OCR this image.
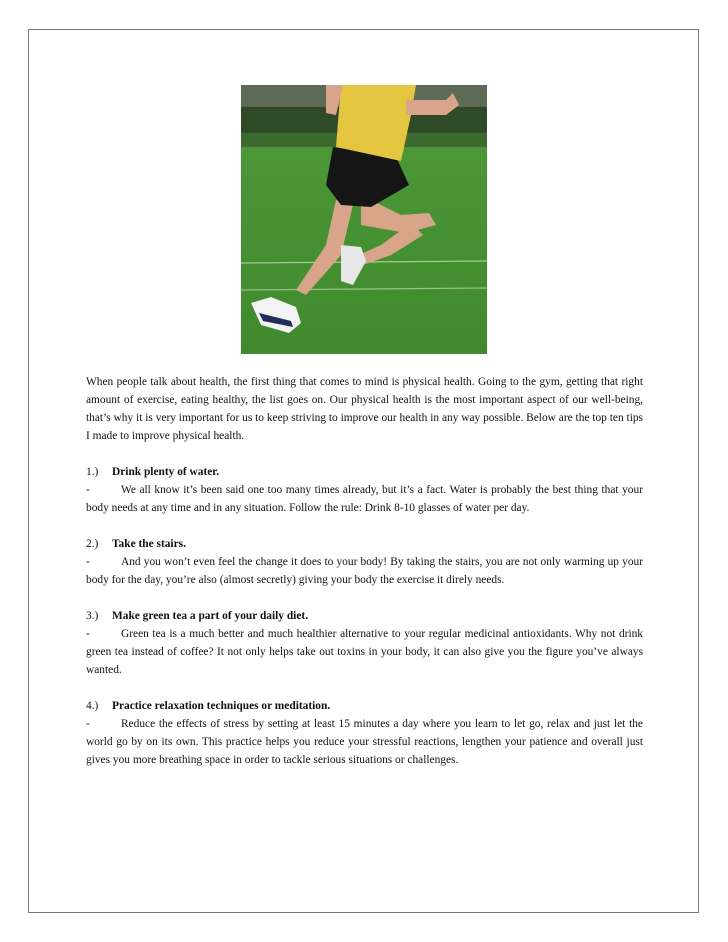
When people talk about health, the first thing that comes to mind is physical health. Going to the gym, getting that right amount of exercise, eating healthy, the list goes on. Our physical health is the most important aspect of our well-being, that’s why it is very important for us to keep striving to improve our health in any way possible. Below are the top ten tips I made to improve physical health.

1.)	Drink plenty of water.

-	We all know it’s been said one too many times already, but it’s a fact. Water is probably the best thing that your body needs at any time and in any situation. Follow the rule: Drink 8-10 glasses of water per day.

2.)	Take the stairs.

-	And you won’t even feel the change it does to your body! By taking the stairs, you are not only warming up your body for the day, you’re also (almost secretly) giving your body the exercise it direly needs.

3.)	Make green tea a part of your daily diet.

-	Green tea is a much better and much healthier alternative to your regular medicinal antioxidants. Why not drink green tea instead of coffee? It not only helps take out toxins in your body, it can also give you the figure you’ve always wanted.

4.)	Practice relaxation techniques or meditation.

-	Reduce the effects of stress by setting at least 15 minutes a day where you learn to let go, relax and just let the world go by on its own. This practice helps you reduce your stressful reactions, lengthen your patience and overall just gives you more breathing space in order to tackle serious situations or challenges.
